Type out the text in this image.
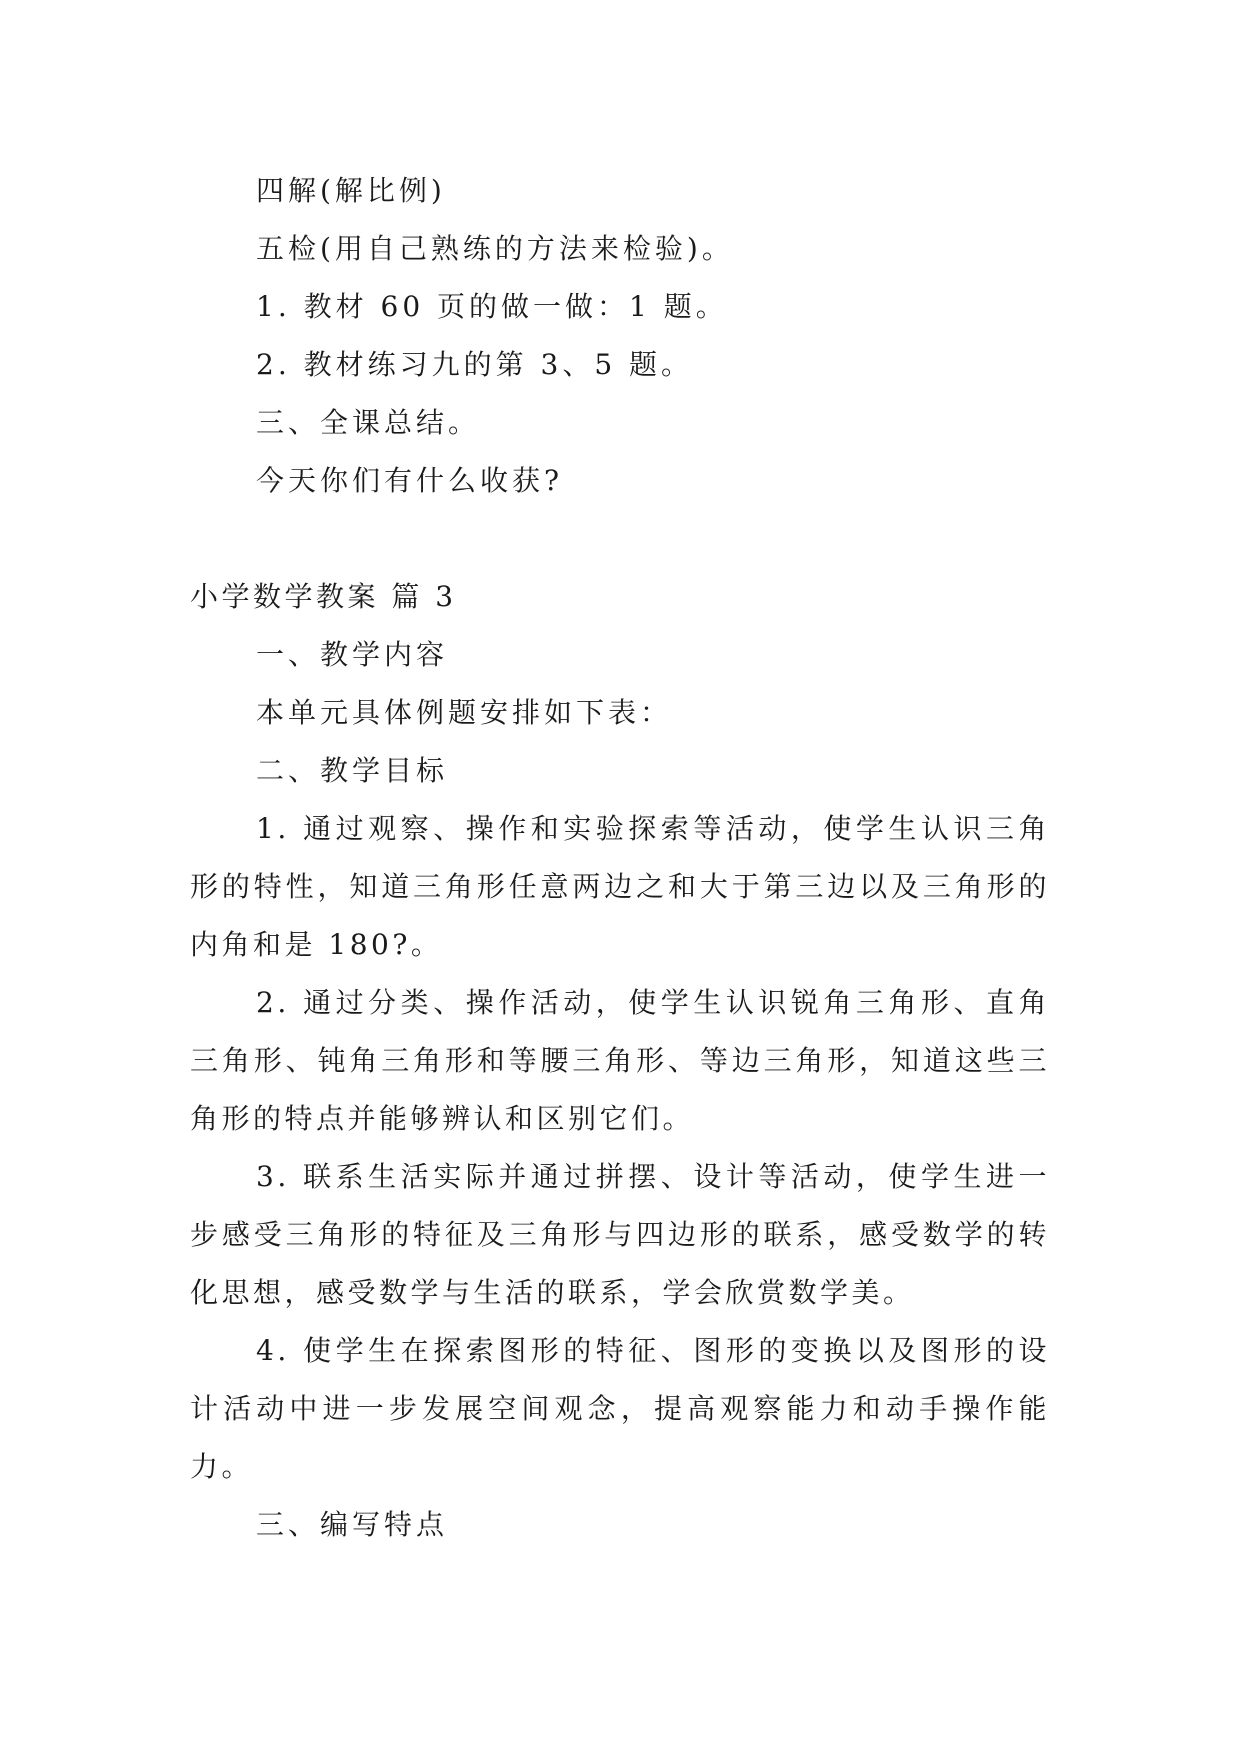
四解(解比例)
五检(用自己熟练的方法来检验)。
1. 教材 60 页的做一做：1 题。
2. 教材练习九的第 3、5 题。
三、全课总结。
今天你们有什么收获?
小学数学教案 篇 3
一、教学内容
本单元具体例题安排如下表：
二、教学目标

1. 通过观察、操作和实验探索等活动，使学生认识三角形的特性，知道三角形任意两边之和大于第三边以及三角形的内角和是 180?。

2. 通过分类、操作活动，使学生认识锐角三角形、直角三角形、钝角三角形和等腰三角形、等边三角形，知道这些三角形的特点并能够辨认和区别它们。

3. 联系生活实际并通过拼摆、设计等活动，使学生进一步感受三角形的特征及三角形与四边形的联系，感受数学的转化思想，感受数学与生活的联系，学会欣赏数学美。

4. 使学生在探索图形的特征、图形的变换以及图形的设计活动中进一步发展空间观念，提高观察能力和动手操作能力。

三、编写特点
